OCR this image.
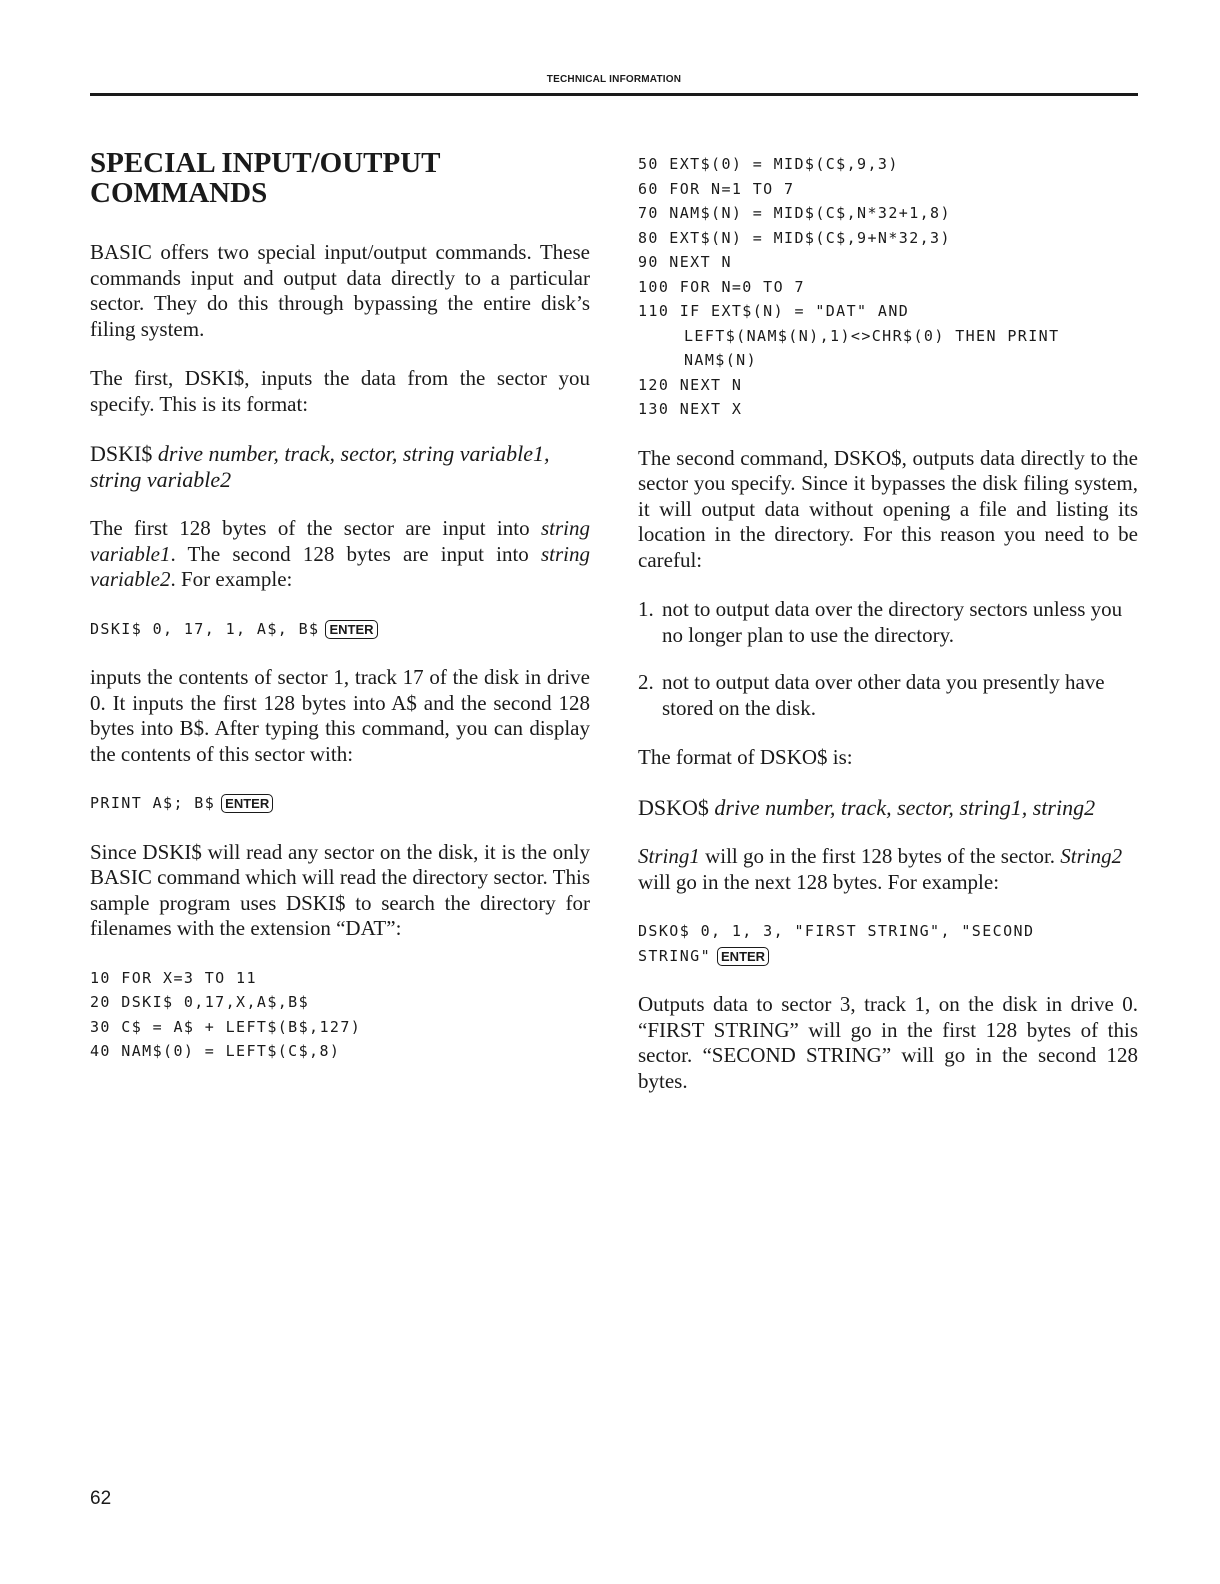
TECHNICAL INFORMATION
SPECIAL INPUT/OUTPUT
COMMANDS

BASIC offers two special input/output commands. These commands input and output data directly to a particular sector. They do this through bypassing the entire disk’s filing system.

The first, DSKI$, inputs the data from the sector you specify. This is its format:

DSKI$ drive number, track, sector, string variable1, string variable2

The first 128 bytes of the sector are input into string variable1. The second 128 bytes are input into string variable2. For example:

DSKI$ 0, 17, 1, A$, B$ ENTER

inputs the contents of sector 1, track 17 of the disk in drive 0. It inputs the first 128 bytes into A$ and the second 128 bytes into B$. After typing this command, you can display the contents of this sector with:

PRINT A$; B$ ENTER

Since DSKI$ will read any sector on the disk, it is the only BASIC command which will read the directory sector. This sample program uses DSKI$ to search the directory for filenames with the extension “DAT”:

10 FOR X=3 TO 11
20 DSKI$ 0,17,X,A$,B$
30 C$ = A$ + LEFT$(B$,127)
40 NAM$(0) = LEFT$(C$,8)
50 EXT$(0) = MID$(C$,9,3)
60 FOR N=1 TO 7
70 NAM$(N) = MID$(C$,N*32+1,8)
80 EXT$(N) = MID$(C$,9+N*32,3)
90 NEXT N
100 FOR N=0 TO 7
110 IF EXT$(N) = "DAT" AND
LEFT$(NAM$(N),1)<>CHR$(0) THEN PRINT
NAM$(N)
120 NEXT N
130 NEXT X

The second command, DSKO$, outputs data directly to the sector you specify. Since it bypasses the disk filing system, it will output data without opening a file and listing its location in the directory. For this reason you need to be careful:

1. not to output data over the directory sectors unless you no longer plan to use the directory.
2. not to output data over other data you presently have stored on the disk.

The format of DSKO$ is:

DSKO$ drive number, track, sector, string1, string2

String1 will go in the first 128 bytes of the sector. String2 will go in the next 128 bytes. For example:

DSKO$ 0, 1, 3, "FIRST STRING", "SECOND
STRING" ENTER

Outputs data to sector 3, track 1, on the disk in drive 0. “FIRST STRING” will go in the first 128 bytes of this sector. “SECOND STRING” will go in the second 128 bytes.

62
